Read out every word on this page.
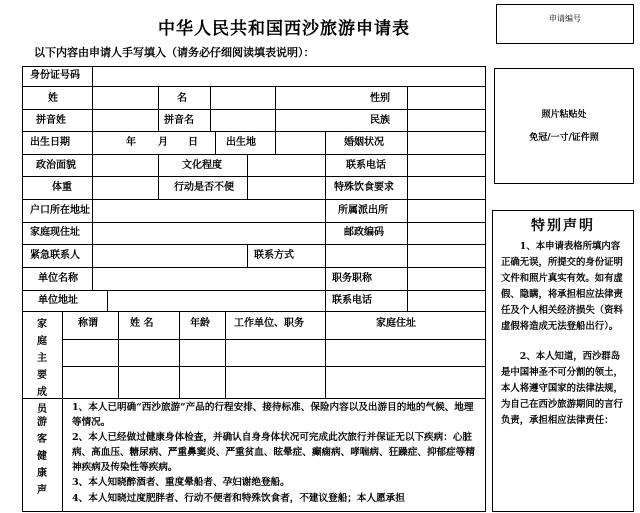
中华人民共和国西沙旅游申请表
申请编号
以下内容由申请人手写填入（请务必仔细阅读填表说明）：
照片粘贴处
免冠/一寸/证件照
特别声明

1、本申请表格所填内容正确无误，所提交的身份证明文件和照片真实有效。如有虚假、隐瞒，将承担相应法律责任及个人相关经济损失（资料虚假将造成无法登船出行）。

2、本人知道，西沙群岛是中国神圣不可分割的领土，本人将遵守国家的法律法规，为自己在西沙旅游期间的言行负责，承担相应法律责任：

身份证号码
姓	名	性别
拼音姓	拼音名	民族
出生日期	年 月 日	出生地	婚姻状况
政治面貌	文化程度	联系电话
体重	行动是否不便	特殊饮食要求
户口所在地址	所属派出所
家庭现住址	邮政编码
紧急联系人	联系方式
单位名称	职务职称
单位地址	联系电话
家
庭
主
要
成
员
称谓	姓 名	年龄 工作单位、职务	家庭住址
游
客
健
康
声
1、本人已明确“西沙旅游”产品的行程安排、接待标准、保险内容以及出游目的地的气候、地理等情况。
2、本人已经做过健康身体检查，并确认自身身体状况可完成此次旅行并保证无以下疾病：心脏病、高血压、糖尿病、严重鼻窦炎、严重贫血、眩晕症、癫痫病、哮喘病、狂躁症、抑郁症等精神疾病及传染性等疾病。
3、本人知晓醉酒者、重度晕船者、孕妇谢绝登船。
4、本人知晓过度肥胖者、行动不便者和特殊饮食者，不建议登船；本人愿承担
